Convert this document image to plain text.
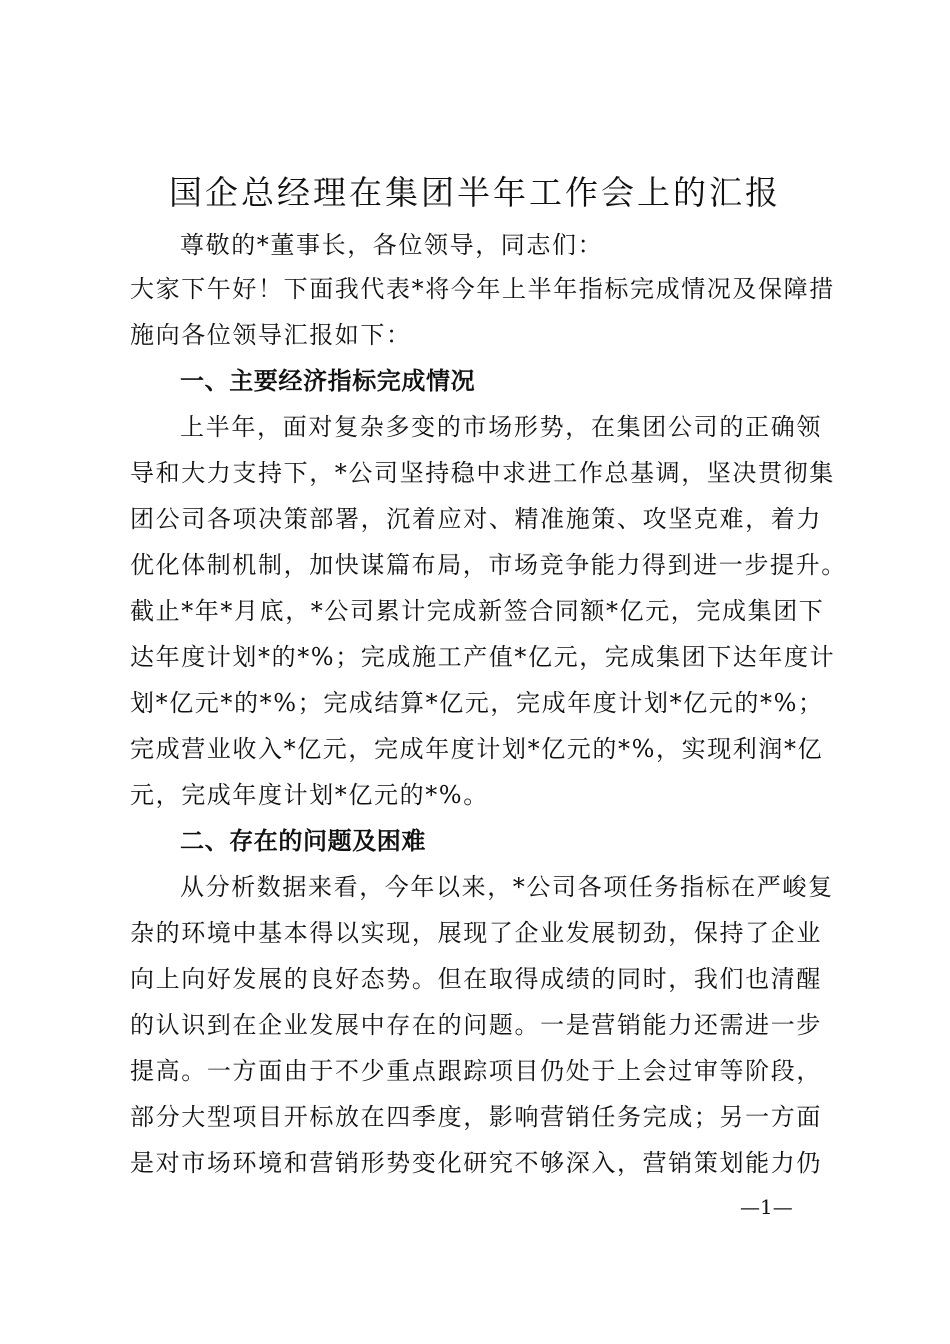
国企总经理在集团半年工作会上的汇报
尊敬的*董事长，各位领导，同志们：
大家下午好！下面我代表*将今年上半年指标完成情况及保障措
施向各位领导汇报如下：
一、主要经济指标完成情况
上半年，面对复杂多变的市场形势，在集团公司的正确领
导和大力支持下，*公司坚持稳中求进工作总基调，坚决贯彻集
团公司各项决策部署，沉着应对、精准施策、攻坚克难，着力
优化体制机制，加快谋篇布局，市场竞争能力得到进一步提升。
截止*年*月底，*公司累计完成新签合同额*亿元，完成集团下
达年度计划*的*%；完成施工产值*亿元，完成集团下达年度计
划*亿元*的*%；完成结算*亿元，完成年度计划*亿元的*%；
完成营业收入*亿元，完成年度计划*亿元的*%，实现利润*亿
元，完成年度计划*亿元的*%。
二、存在的问题及困难
从分析数据来看，今年以来，*公司各项任务指标在严峻复
杂的环境中基本得以实现，展现了企业发展韧劲，保持了企业
向上向好发展的良好态势。但在取得成绩的同时，我们也清醒
的认识到在企业发展中存在的问题。一是营销能力还需进一步
提高。一方面由于不少重点跟踪项目仍处于上会过审等阶段，
部分大型项目开标放在四季度，影响营销任务完成；另一方面
是对市场环境和营销形势变化研究不够深入，营销策划能力仍
—1—
